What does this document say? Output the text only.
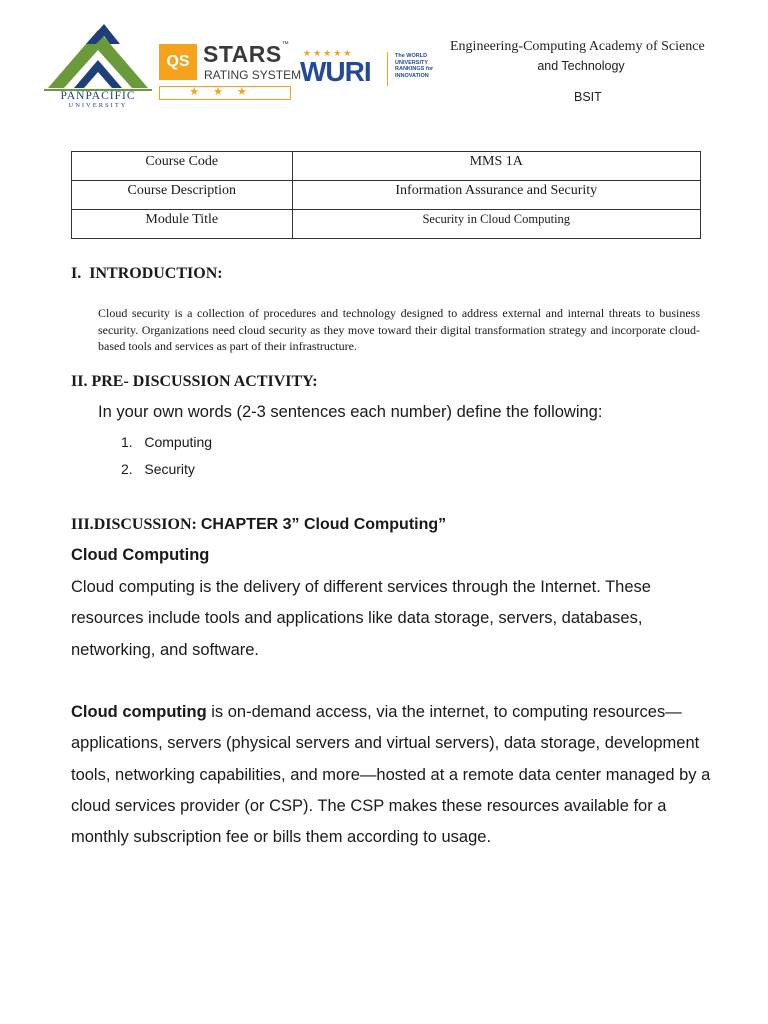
PANPACIFIC
UNIVERSITY
QS STARS™
RATING SYSTEM
★★★
★★★★★
WURI	The WORLD UNIVERSITY RANKINGS for INNOVATION
Engineering-Computing Academy of Science
and Technology
BSIT
Course Code	MMS 1A
Course Description	Information Assurance and Security
Module Title	Security in Cloud Computing
I. INTRODUCTION:
Cloud security is a collection of procedures and technology designed to address external and internal threats to business security. Organizations need cloud security as they move toward their digital transformation strategy and incorporate cloud-based tools and services as part of their infrastructure.
II. PRE- DISCUSSION ACTIVITY:
In your own words (2-3 sentences each number) define the following:
1. Computing
2. Security
III.DISCUSSION: CHAPTER 3” Cloud Computing”
Cloud Computing
Cloud computing is the delivery of different services through the Internet. These resources include tools and applications like data storage, servers, databases, networking, and software.
Cloud computing is on-demand access, via the internet, to computing resources—applications, servers (physical servers and virtual servers), data storage, development tools, networking capabilities, and more—hosted at a remote data center managed by a cloud services provider (or CSP). The CSP makes these resources available for a monthly subscription fee or bills them according to usage.
